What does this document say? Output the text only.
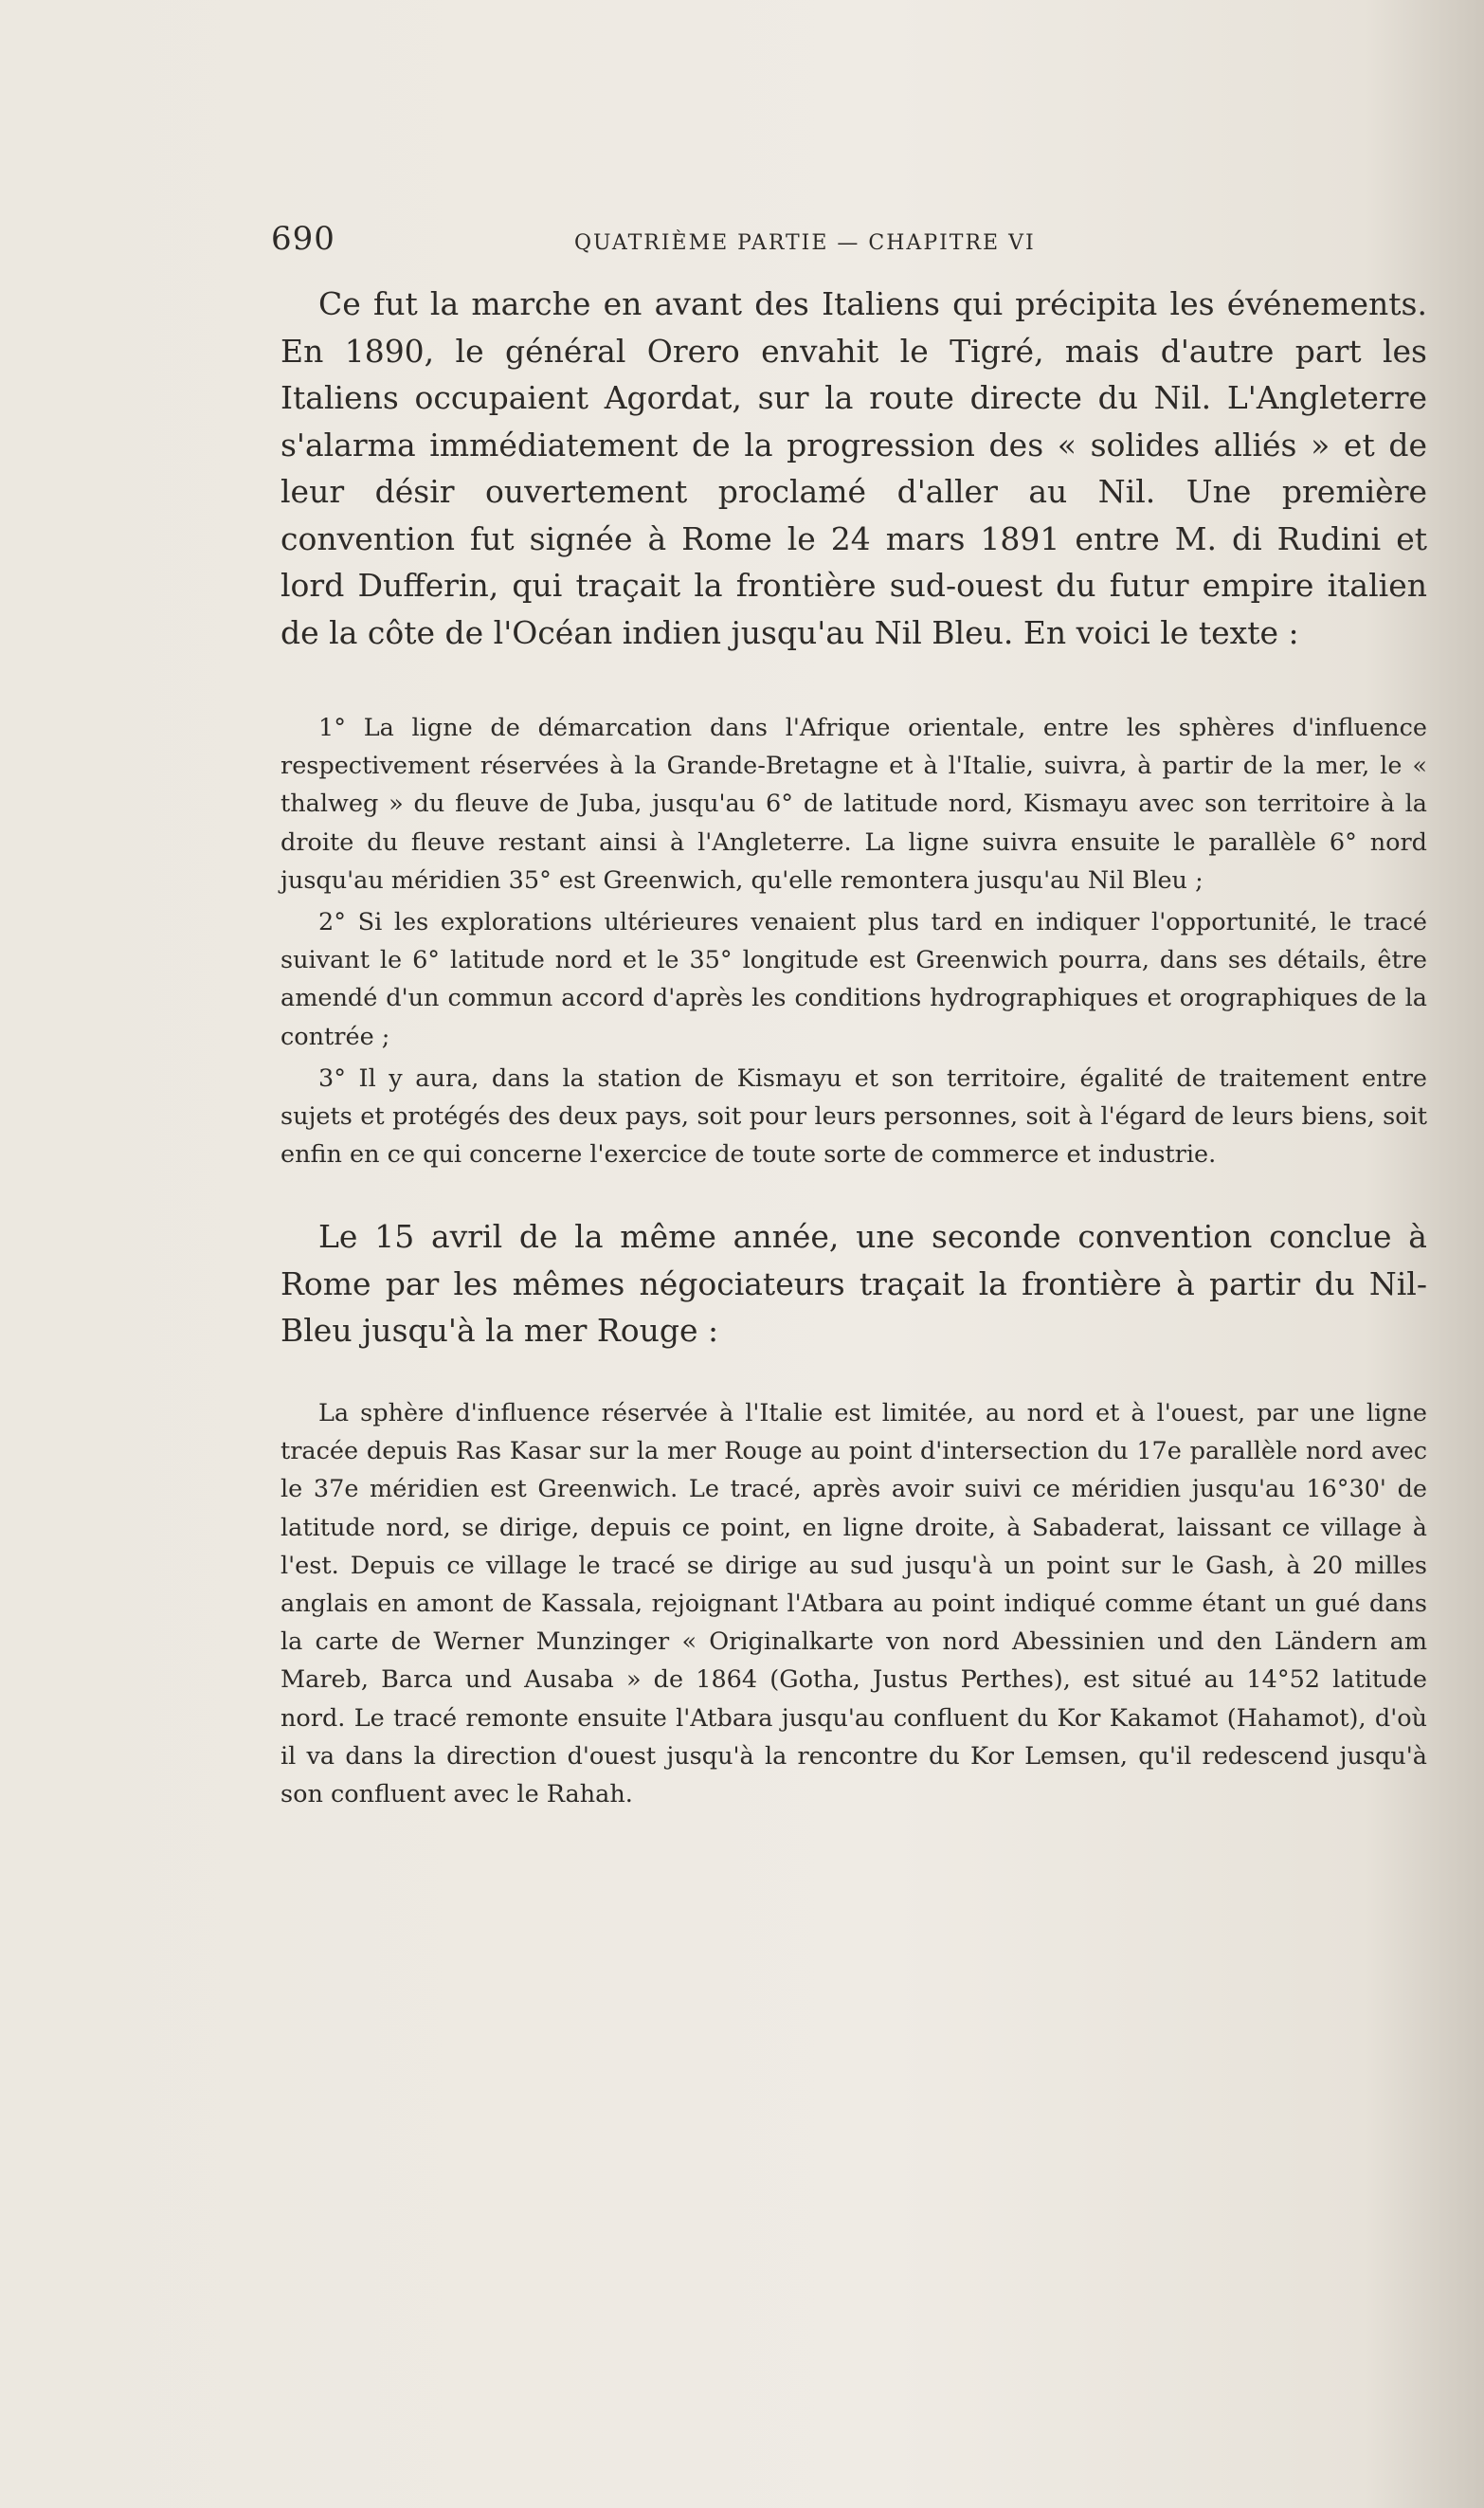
690	QUATRIÈME PARTIE — CHAPITRE VI

Ce fut la marche en avant des Italiens qui précipita les événements. En 1890, le général Orero envahit le Tigré, mais d'autre part les Italiens occupaient Agordat, sur la route directe du Nil. L'Angleterre s'alarma immédiatement de la progression des « solides alliés » et de leur désir ouvertement proclamé d'aller au Nil. Une première convention fut signée à Rome le 24 mars 1891 entre M. di Rudini et lord Dufferin, qui traçait la frontière sud-ouest du futur empire italien de la côte de l'Océan indien jusqu'au Nil Bleu. En voici le texte :

1° La ligne de démarcation dans l'Afrique orientale, entre les sphères d'influence respectivement réservées à la Grande-Bretagne et à l'Italie, suivra, à partir de la mer, le « thalweg » du fleuve de Juba, jusqu'au 6° de latitude nord, Kismayu avec son territoire à la droite du fleuve restant ainsi à l'Angleterre. La ligne suivra ensuite le parallèle 6° nord jusqu'au méridien 35° est Greenwich, qu'elle remontera jusqu'au Nil Bleu ;

2° Si les explorations ultérieures venaient plus tard en indiquer l'opportunité, le tracé suivant le 6° latitude nord et le 35° longitude est Greenwich pourra, dans ses détails, être amendé d'un commun accord d'après les conditions hydrographiques et orographiques de la contrée ;

3° Il y aura, dans la station de Kismayu et son territoire, égalité de traitement entre sujets et protégés des deux pays, soit pour leurs personnes, soit à l'égard de leurs biens, soit enfin en ce qui concerne l'exercice de toute sorte de commerce et industrie.

Le 15 avril de la même année, une seconde convention conclue à Rome par les mêmes négociateurs traçait la frontière à partir du Nil-Bleu jusqu'à la mer Rouge :

La sphère d'influence réservée à l'Italie est limitée, au nord et à l'ouest, par une ligne tracée depuis Ras Kasar sur la mer Rouge au point d'intersection du 17e parallèle nord avec le 37e méridien est Greenwich. Le tracé, après avoir suivi ce méridien jusqu'au 16°30' de latitude nord, se dirige, depuis ce point, en ligne droite, à Sabaderat, laissant ce village à l'est. Depuis ce village le tracé se dirige au sud jusqu'à un point sur le Gash, à 20 milles anglais en amont de Kassala, rejoignant l'Atbara au point indiqué comme étant un gué dans la carte de Werner Munzinger « Originalkarte von nord Abessinien und den Ländern am Mareb, Barca und Ausaba » de 1864 (Gotha, Justus Perthes), est situé au 14°52 latitude nord. Le tracé remonte ensuite l'Atbara jusqu'au confluent du Kor Kakamot (Hahamot), d'où il va dans la direction d'ouest jusqu'à la rencontre du Kor Lemsen, qu'il redescend jusqu'à son confluent avec le Rahah.
